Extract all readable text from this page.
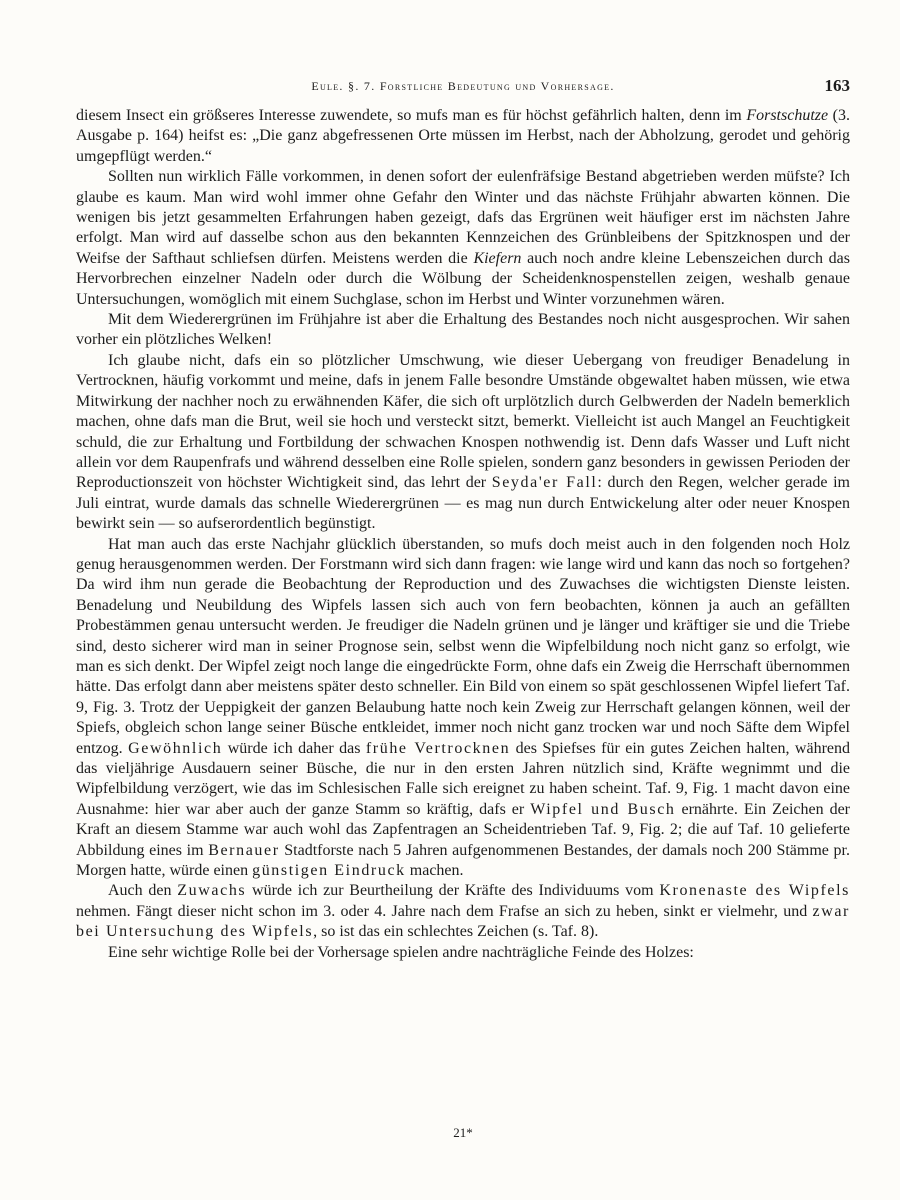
Eule. §. 7. Forstliche Bedeutung und Vorhersage.	163

diesem Insect ein größseres Interesse zuwendete, so mufs man es für höchst gefährlich halten, denn im Forstschutze (3. Ausgabe p. 164) heifst es: „Die ganz abgefressenen Orte müssen im Herbst, nach der Abholzung, gerodet und gehörig umgepflügt werden.“

Sollten nun wirklich Fälle vorkommen, in denen sofort der eulenfräfsige Bestand abgetrieben werden müfste? Ich glaube es kaum. Man wird wohl immer ohne Gefahr den Winter und das nächste Frühjahr abwarten können. Die wenigen bis jetzt gesammelten Erfahrungen haben gezeigt, dafs das Ergrünen weit häufiger erst im nächsten Jahre erfolgt. Man wird auf dasselbe schon aus den bekannten Kennzeichen des Grünbleibens der Spitzknospen und der Weifse der Safthaut schliefsen dürfen. Meistens werden die Kiefern auch noch andre kleine Lebenszeichen durch das Hervorbrechen einzelner Nadeln oder durch die Wölbung der Scheidenknospenstellen zeigen, weshalb genaue Untersuchungen, womöglich mit einem Suchglase, schon im Herbst und Winter vorzunehmen wären.

Mit dem Wiederergrünen im Frühjahre ist aber die Erhaltung des Bestandes noch nicht ausgesprochen. Wir sahen vorher ein plötzliches Welken!

Ich glaube nicht, dafs ein so plötzlicher Umschwung, wie dieser Uebergang von freudiger Benadelung in Vertrocknen, häufig vorkommt und meine, dafs in jenem Falle besondre Umstände obgewaltet haben müssen, wie etwa Mitwirkung der nachher noch zu erwähnenden Käfer, die sich oft urplötzlich durch Gelbwerden der Nadeln bemerklich machen, ohne dafs man die Brut, weil sie hoch und versteckt sitzt, bemerkt. Vielleicht ist auch Mangel an Feuchtigkeit schuld, die zur Erhaltung und Fortbildung der schwachen Knospen nothwendig ist. Denn dafs Wasser und Luft nicht allein vor dem Raupenfrafs und während desselben eine Rolle spielen, sondern ganz besonders in gewissen Perioden der Reproductionszeit von höchster Wichtigkeit sind, das lehrt der Seyda'er Fall: durch den Regen, welcher gerade im Juli eintrat, wurde damals das schnelle Wiederergrünen — es mag nun durch Entwickelung alter oder neuer Knospen bewirkt sein — so aufserordentlich begünstigt.

Hat man auch das erste Nachjahr glücklich überstanden, so mufs doch meist auch in den folgenden noch Holz genug herausgenommen werden. Der Forstmann wird sich dann fragen: wie lange wird und kann das noch so fortgehen? Da wird ihm nun gerade die Beobachtung der Reproduction und des Zuwachses die wichtigsten Dienste leisten. Benadelung und Neubildung des Wipfels lassen sich auch von fern beobachten, können ja auch an gefällten Probestämmen genau untersucht werden. Je freudiger die Nadeln grünen und je länger und kräftiger sie und die Triebe sind, desto sicherer wird man in seiner Prognose sein, selbst wenn die Wipfelbildung noch nicht ganz so erfolgt, wie man es sich denkt. Der Wipfel zeigt noch lange die eingedrückte Form, ohne dafs ein Zweig die Herrschaft übernommen hätte. Das erfolgt dann aber meistens später desto schneller. Ein Bild von einem so spät geschlossenen Wipfel liefert Taf. 9, Fig. 3. Trotz der Ueppigkeit der ganzen Belaubung hatte noch kein Zweig zur Herrschaft gelangen können, weil der Spiefs, obgleich schon lange seiner Büsche entkleidet, immer noch nicht ganz trocken war und noch Säfte dem Wipfel entzog. Gewöhnlich würde ich daher das frühe Vertrocknen des Spiefses für ein gutes Zeichen halten, während das vieljährige Ausdauern seiner Büsche, die nur in den ersten Jahren nützlich sind, Kräfte wegnimmt und die Wipfelbildung verzögert, wie das im Schlesischen Falle sich ereignet zu haben scheint. Taf. 9, Fig. 1 macht davon eine Ausnahme: hier war aber auch der ganze Stamm so kräftig, dafs er Wipfel und Busch ernährte. Ein Zeichen der Kraft an diesem Stamme war auch wohl das Zapfentragen an Scheidentrieben Taf. 9, Fig. 2; die auf Taf. 10 gelieferte Abbildung eines im Bernauer Stadtforste nach 5 Jahren aufgenommenen Bestandes, der damals noch 200 Stämme pr. Morgen hatte, würde einen günstigen Eindruck machen.

Auch den Zuwachs würde ich zur Beurtheilung der Kräfte des Individuums vom Kronenaste des Wipfels nehmen. Fängt dieser nicht schon im 3. oder 4. Jahre nach dem Frafse an sich zu heben, sinkt er vielmehr, und zwar bei Untersuchung des Wipfels, so ist das ein schlechtes Zeichen (s. Taf. 8).

Eine sehr wichtige Rolle bei der Vorhersage spielen andre nachträgliche Feinde des Holzes:

21*
